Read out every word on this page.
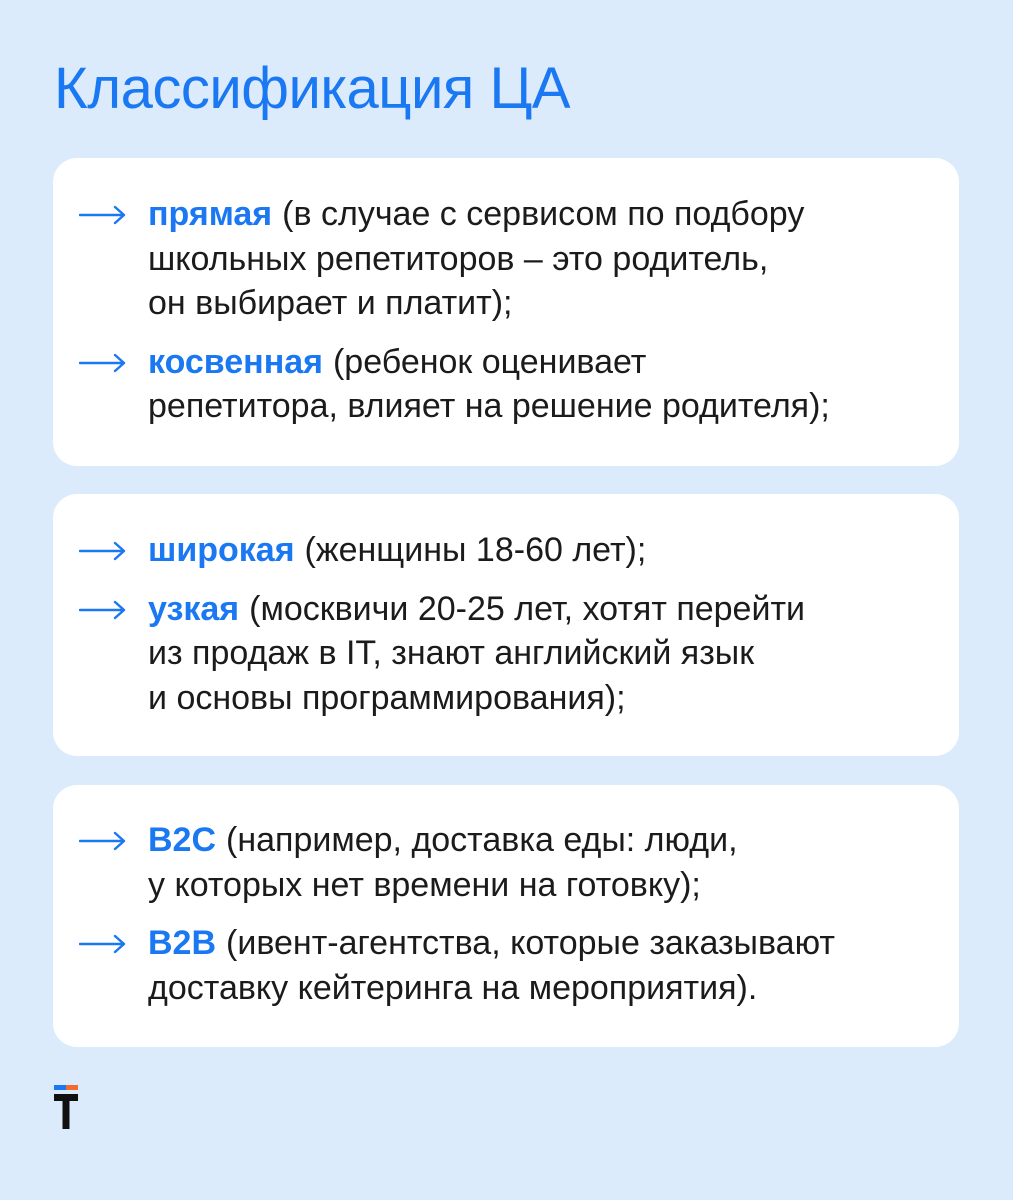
Классификация ЦА
прямая (в случае с сервисом по подбору
школьных репетиторов – это родитель,
он выбирает и платит);
косвенная (ребенок оценивает
репетитора, влияет на решение родителя);
широкая (женщины 18-60 лет);
узкая (москвичи 20-25 лет, хотят перейти
из продаж в IT, знают английский язык
и основы программирования);
B2C (например, доставка еды: люди,
у которых нет времени на готовку);
B2B (ивент-агентства, которые заказывают
доставку кейтеринга на мероприятия).
